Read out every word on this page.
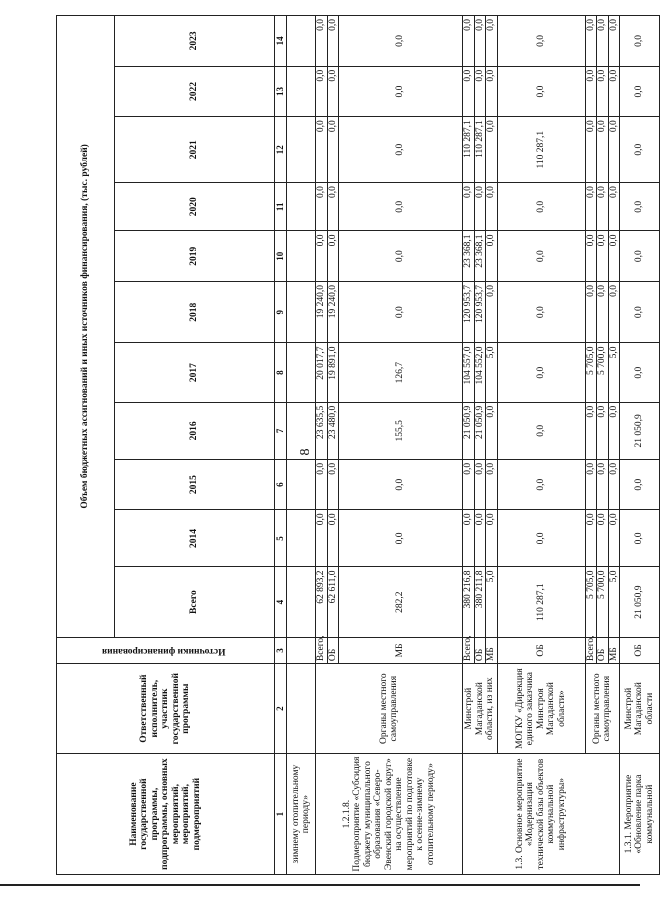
8
Наименование государственной программы, подпрограммы, основных мероприятий, мероприятий, подмероприятий	Ответственный исполнитель, участник государственной программы	Источники финансирования	Объем бюджетных ассигнований и иных источников финансирования, (тыс. рублей)										
			Всего	2014	2015	2016	2017	2018	2019	2020	2021	2022	2023
1	2	3	4	5	6	7	8	9	10	11	12	13	14
зимнему отопительному периоду»													
1.2.1.8.
Подмероприятие «Субсидия бюджету муниципального образования «Северо-Эвенский городской округ» на осуществление мероприятий по подготовке к осенне-зимнему отопительному периоду»	Органы местного самоуправления	Всего,	62 893,2	0,0	0,0	23 635,5	20 017,7	19 240,0	0,0	0,0	0,0	0,0	0,0
		ОБ	62 611,0	0,0	0,0	23 480,0	19 891,0	19 240,0	0,0	0,0	0,0	0,0	0,0
		МБ	282,2	0,0	0,0	155,5	126,7	0,0	0,0	0,0	0,0	0,0	0,0
1.3. Основное мероприятие «Модернизация технической базы объектов коммунальной инфраструктуры»	Минстрой Магаданской области, из них	Всего,	380 216,8	0,0	0,0	21 050,9	104 557,0	120 953,7	23 368,1	0,0	110 287,1	0,0	0,0
		ОБ	380 211,8	0,0	0,0	21 050,9	104 552,0	120 953,7	23 368,1	0,0	110 287,1	0,0	0,0
		МБ	5,0	0,0	0,0	0,0	5,0	0,0	0,0	0,0	0,0	0,0	0,0
	МОГКУ «Дирекция единого заказчика Минстроя Магаданской области»	ОБ	110 287,1	0,0	0,0	0,0	0,0	0,0	0,0	0,0	110 287,1	0,0	0,0
	Органы местного самоуправления	Всего,	5 705,0	0,0	0,0	0,0	5 705,0	0,0	0,0	0,0	0,0	0,0	0,0
		ОБ	5 700,0	0,0	0,0	0,0	5 700,0	0,0	0,0	0,0	0,0	0,0	0,0
		МБ	5,0	0,0	0,0	0,0	5,0	0,0	0,0	0,0	0,0	0,0	0,0
1.3.1. Мероприятие «Обновление парка коммунальной	Минстрой Магаданской области	ОБ	21 050,9	0,0	0,0	21 050,9	0,0	0,0	0,0	0,0	0,0	0,0	0,0
